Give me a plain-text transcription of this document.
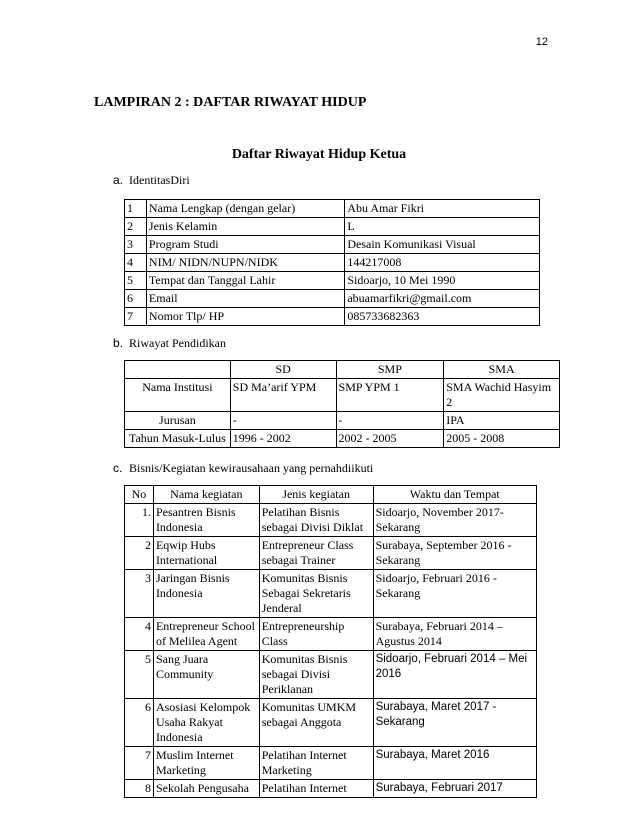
12
LAMPIRAN 2 : DAFTAR RIWAYAT HIDUP
Daftar Riwayat Hidup Ketua
a. IdentitasDiri
1	Nama Lengkap (dengan gelar)	Abu Amar Fikri
2	Jenis Kelamin	L
3	Program Studi	Desain Komunikasi Visual
4	NIM/ NIDN/NUPN/NIDK	144217008
5	Tempat dan Tanggal Lahir	Sidoarjo, 10 Mei 1990
6	Email	abuamarfikri@gmail.com
7	Nomor Tlp/ HP	085733682363
b. Riwayat Pendidikan
	SD	SMP	SMA
Nama Institusi	SD Ma’arif YPM	SMP YPM 1	SMA Wachid Hasyim 2
Jurusan	-	-	IPA
Tahun Masuk-Lulus	1996 - 2002	2002 - 2005	2005 - 2008
c. Bisnis/Kegiatan kewirausahaan yang pernahdiikuti
No	Nama kegiatan	Jenis kegiatan	Waktu dan Tempat
1.	Pesantren Bisnis Indonesia	Pelatihan Bisnis sebagai Divisi Diklat	Sidoarjo, November 2017-Sekarang
2	Eqwip Hubs International	Entrepreneur Class sebagai Trainer	Surabaya, September 2016 - Sekarang
3	Jaringan Bisnis Indonesia	Komunitas Bisnis Sebagai Sekretaris Jenderal	Sidoarjo, Februari 2016 - Sekarang
4	Entrepreneur School of Melilea Agent	Entrepreneurship Class	Surabaya, Februari 2014 – Agustus 2014
5	Sang Juara Community	Komunitas Bisnis sebagai Divisi Periklanan	Sidoarjo, Februari 2014 – Mei 2016
6	Asosiasi Kelompok Usaha Rakyat Indonesia	Komunitas UMKM sebagai Anggota	Surabaya, Maret 2017 - Sekarang
7	Muslim Internet Marketing	Pelatihan Internet Marketing	Surabaya, Maret 2016
8	Sekolah Pengusaha	Pelatihan Internet	Surabaya, Februari 2017
